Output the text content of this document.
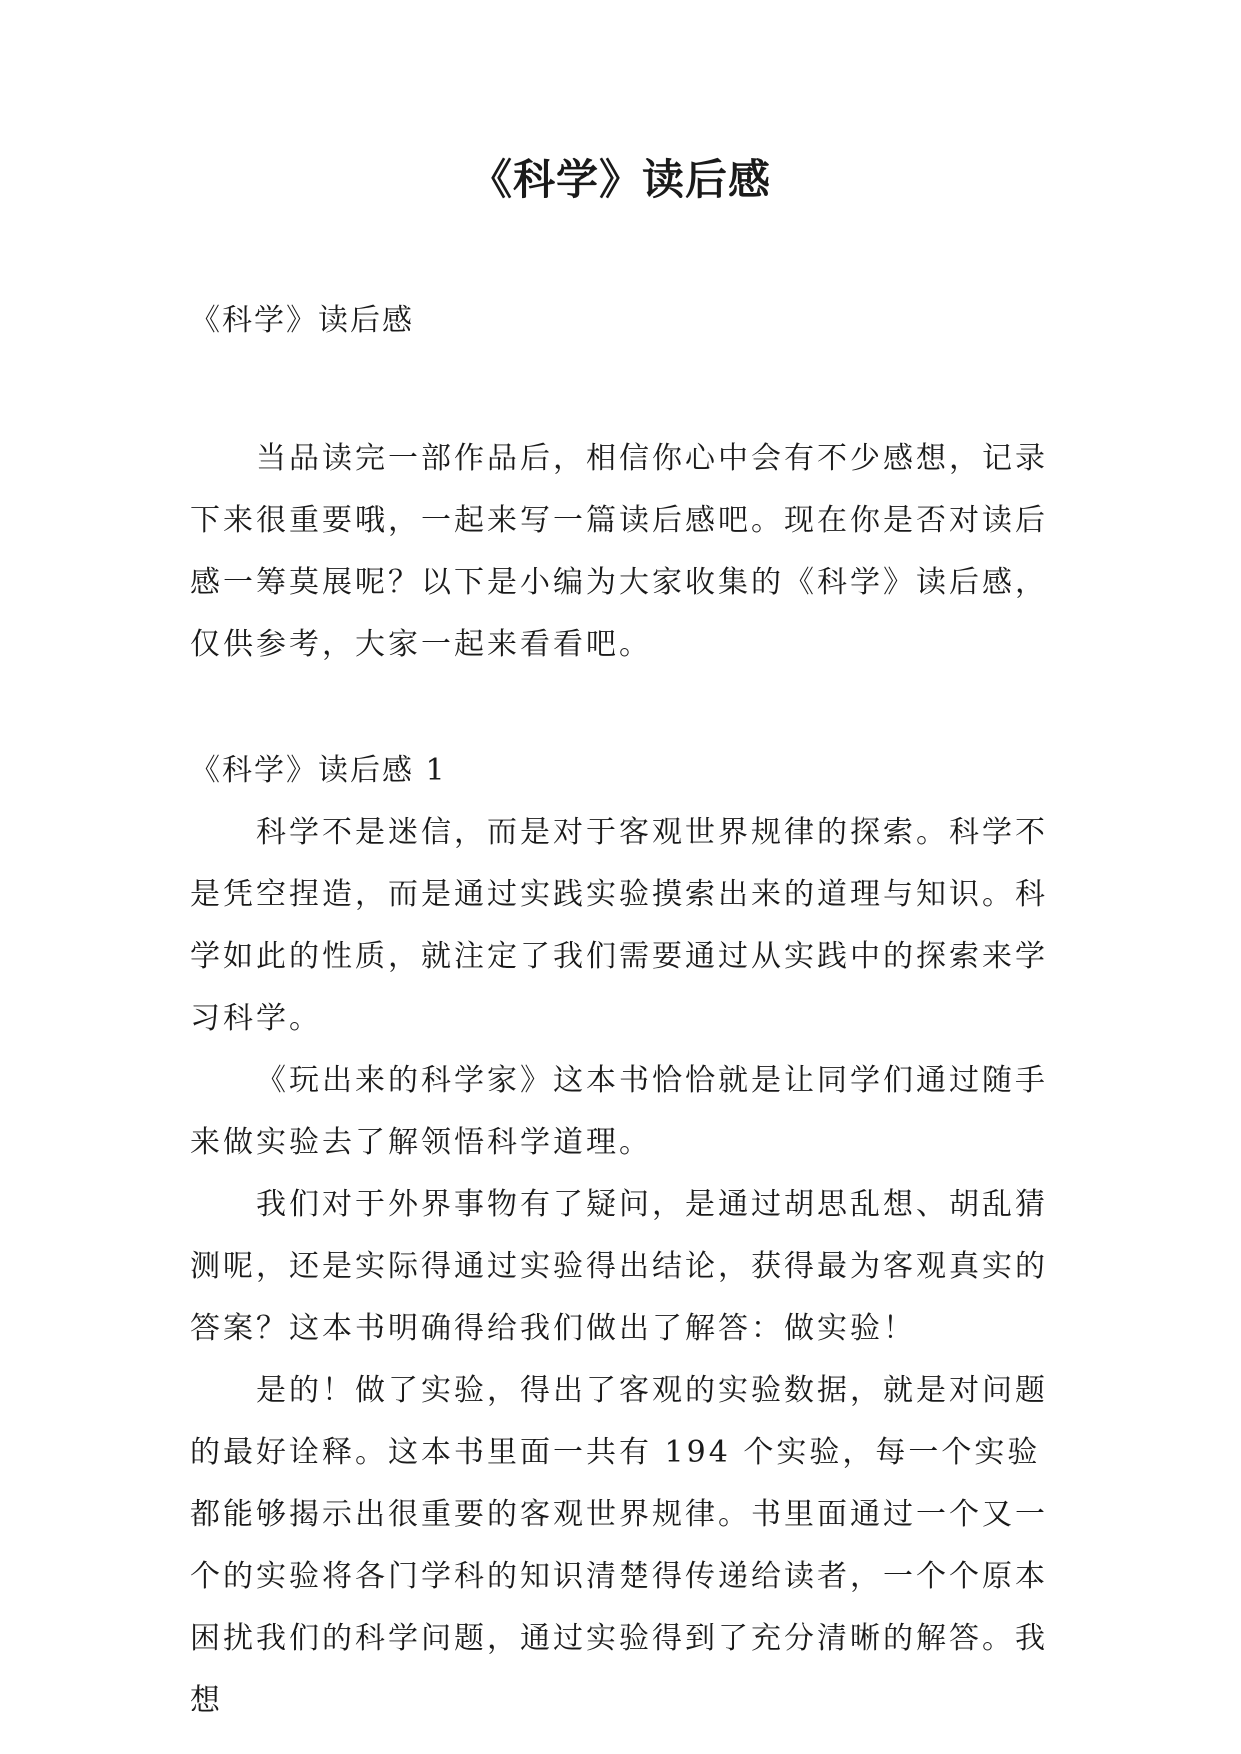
《科学》读后感

《科学》读后感

当品读完一部作品后，相信你心中会有不少感想，记录下来很重要哦，一起来写一篇读后感吧。现在你是否对读后感一筹莫展呢？以下是小编为大家收集的《科学》读后感，仅供参考，大家一起来看看吧。

《科学》读后感 1

科学不是迷信，而是对于客观世界规律的探索。科学不是凭空捏造，而是通过实践实验摸索出来的道理与知识。科学如此的性质，就注定了我们需要通过从实践中的探索来学习科学。

《玩出来的科学家》这本书恰恰就是让同学们通过随手来做实验去了解领悟科学道理。

我们对于外界事物有了疑问，是通过胡思乱想、胡乱猜测呢，还是实际得通过实验得出结论，获得最为客观真实的答案？这本书明确得给我们做出了解答：做实验！

是的！做了实验，得出了客观的实验数据，就是对问题的最好诠释。这本书里面一共有 194 个实验，每一个实验都能够揭示出很重要的客观世界规律。书里面通过一个又一个的实验将各门学科的知识清楚得传递给读者，一个个原本困扰我们的科学问题，通过实验得到了充分清晰的解答。我想
